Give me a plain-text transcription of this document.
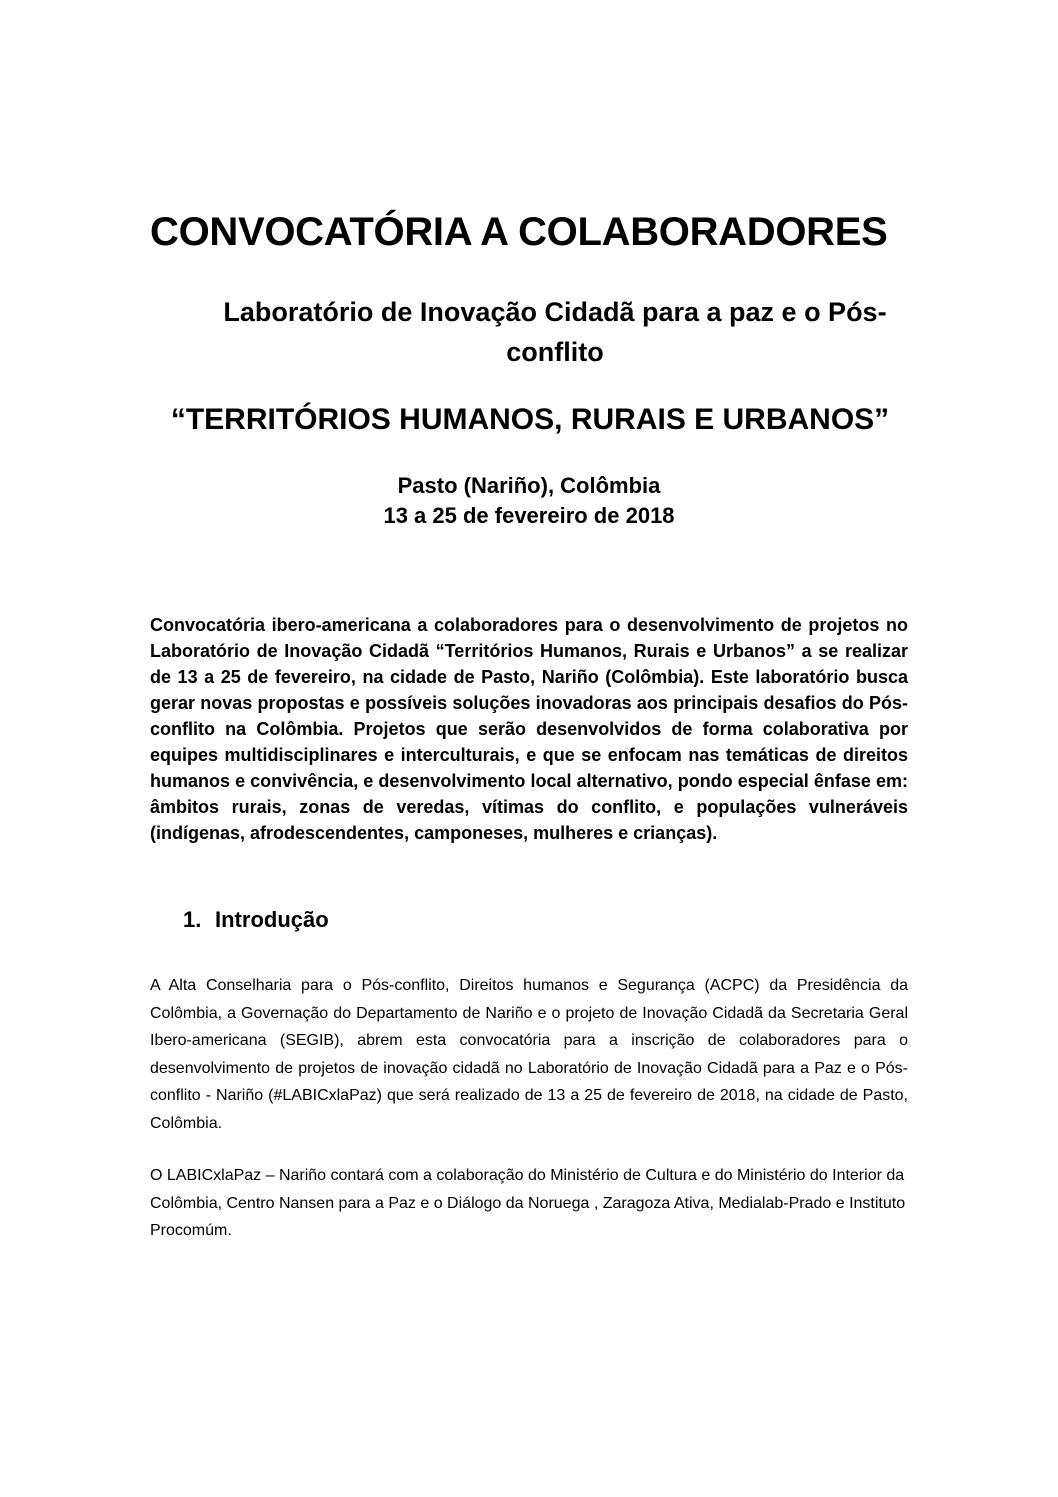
CONVOCATÓRIA A COLABORADORES
Laboratório de Inovação Cidadã para a paz e o Pós-conflito
“TERRITÓRIOS HUMANOS, RURAIS E URBANOS”
Pasto (Nariño), Colômbia
13 a 25 de fevereiro de 2018

Convocatória ibero-americana a colaboradores para o desenvolvimento de projetos no Laboratório de Inovação Cidadã “Territórios Humanos, Rurais e Urbanos” a se realizar de 13 a 25 de fevereiro, na cidade de Pasto, Nariño (Colômbia). Este laboratório busca gerar novas propostas e possíveis soluções inovadoras aos principais desafios do Pós-conflito na Colômbia. Projetos que serão desenvolvidos de forma colaborativa por equipes multidisciplinares e interculturais, e que se enfocam nas temáticas de direitos humanos e convivência, e desenvolvimento local alternativo, pondo especial ênfase em: âmbitos rurais, zonas de veredas, vítimas do conflito, e populações vulneráveis (indígenas, afrodescendentes, camponeses, mulheres e crianças).

1. Introdução

A Alta Conselharia para o Pós-conflito, Direitos humanos e Segurança (ACPC) da Presidência da Colômbia, a Governação do Departamento de Nariño e o projeto de Inovação Cidadã da Secretaria Geral Ibero-americana (SEGIB), abrem esta convocatória para a inscrição de colaboradores para o desenvolvimento de projetos de inovação cidadã no Laboratório de Inovação Cidadã para a Paz e o Pós-conflito - Nariño (#LABICxlaPaz) que será realizado de 13 a 25 de fevereiro de 2018, na cidade de Pasto, Colômbia.

O LABICxlaPaz – Nariño contará com a colaboração do Ministério de Cultura e do Ministério do Interior da Colômbia, Centro Nansen para a Paz e o Diálogo da Noruega , Zaragoza Ativa, Medialab-Prado e Instituto Procomúm.
